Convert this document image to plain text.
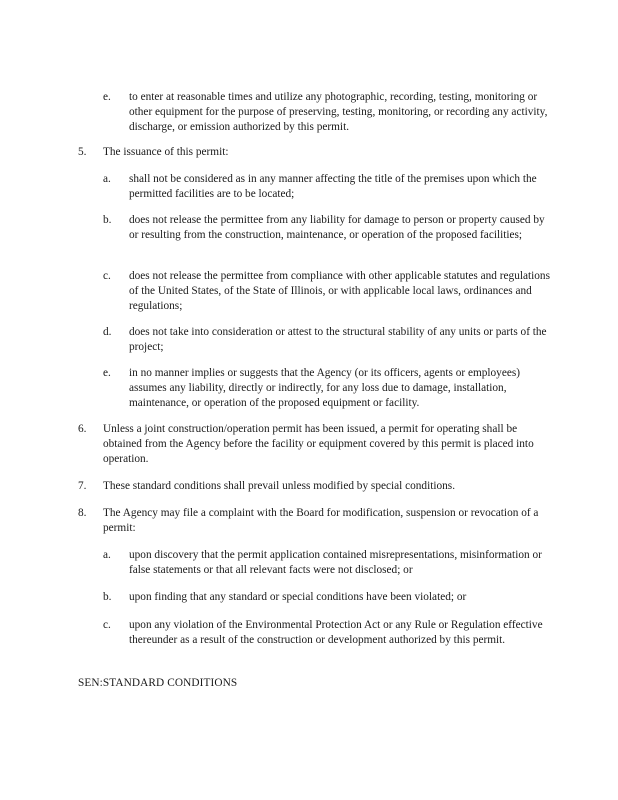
e. to enter at reasonable times and utilize any photographic, recording, testing, monitoring or other equipment for the purpose of preserving, testing, monitoring, or recording any activity, discharge, or emission authorized by this permit.
5. The issuance of this permit:
a. shall not be considered as in any manner affecting the title of the premises upon which the permitted facilities are to be located;
b. does not release the permittee from any liability for damage to person or property caused by or resulting from the construction, maintenance, or operation of the proposed facilities;
c. does not release the permittee from compliance with other applicable statutes and regulations of the United States, of the State of Illinois, or with applicable local laws, ordinances and regulations;
d. does not take into consideration or attest to the structural stability of any units or parts of the project;
e. in no manner implies or suggests that the Agency (or its officers, agents or employees) assumes any liability, directly or indirectly, for any loss due to damage, installation, maintenance, or operation of the proposed equipment or facility.
6. Unless a joint construction/operation permit has been issued, a permit for operating shall be obtained from the Agency before the facility or equipment covered by this permit is placed into operation.
7. These standard conditions shall prevail unless modified by special conditions.
8. The Agency may file a complaint with the Board for modification, suspension or revocation of a permit:
a. upon discovery that the permit application contained misrepresentations, misinformation or false statements or that all relevant facts were not disclosed; or
b. upon finding that any standard or special conditions have been violated; or
c. upon any violation of the Environmental Protection Act or any Rule or Regulation effective thereunder as a result of the construction or development authorized by this permit.
SEN:STANDARD CONDITIONS
